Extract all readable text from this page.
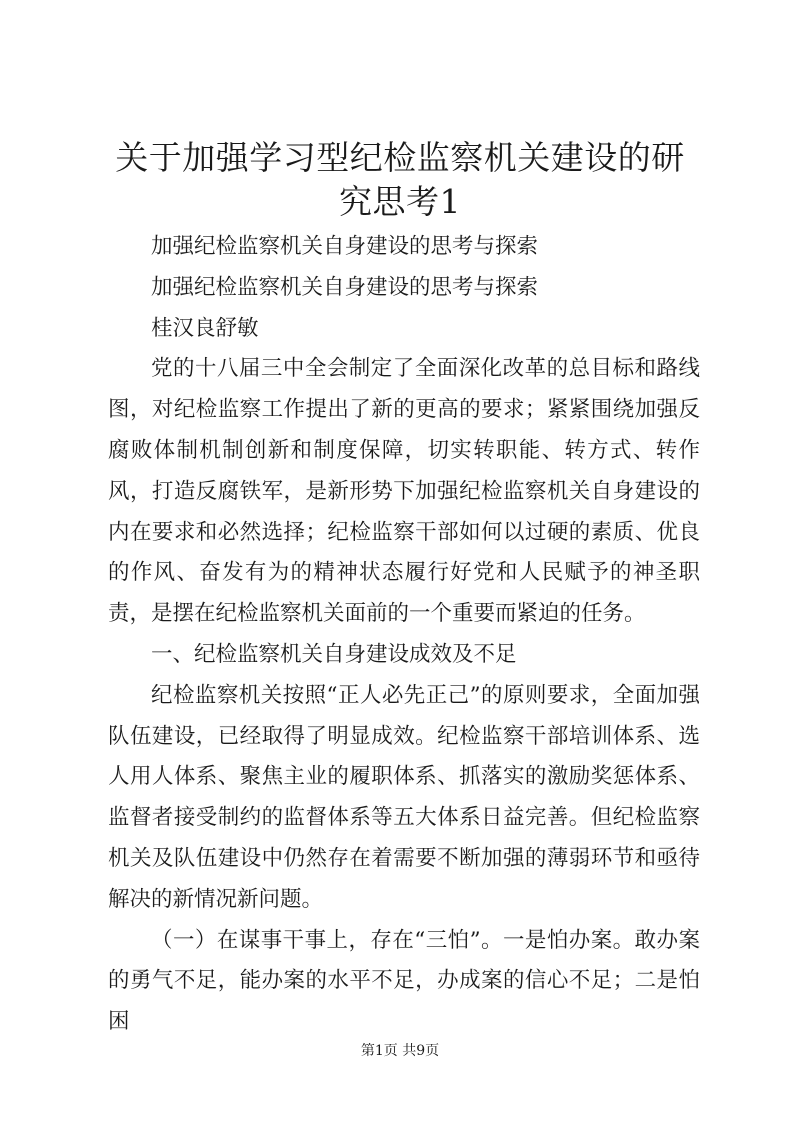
关于加强学习型纪检监察机关建设的研究思考1

加强纪检监察机关自身建设的思考与探索

加强纪检监察机关自身建设的思考与探索

桂汉良舒敏

党的十八届三中全会制定了全面深化改革的总目标和路线图，对纪检监察工作提出了新的更高的要求；紧紧围绕加强反腐败体制机制创新和制度保障，切实转职能、转方式、转作风，打造反腐铁军，是新形势下加强纪检监察机关自身建设的内在要求和必然选择；纪检监察干部如何以过硬的素质、优良的作风、奋发有为的精神状态履行好党和人民赋予的神圣职责，是摆在纪检监察机关面前的一个重要而紧迫的任务。

一、纪检监察机关自身建设成效及不足

纪检监察机关按照“正人必先正己”的原则要求，全面加强队伍建设，已经取得了明显成效。纪检监察干部培训体系、选人用人体系、聚焦主业的履职体系、抓落实的激励奖惩体系、监督者接受制约的监督体系等五大体系日益完善。但纪检监察机关及队伍建设中仍然存在着需要不断加强的薄弱环节和亟待解决的新情况新问题。

（一）在谋事干事上，存在“三怕”。一是怕办案。敢办案的勇气不足，能办案的水平不足，办成案的信心不足；二是怕困

第1页 共9页
